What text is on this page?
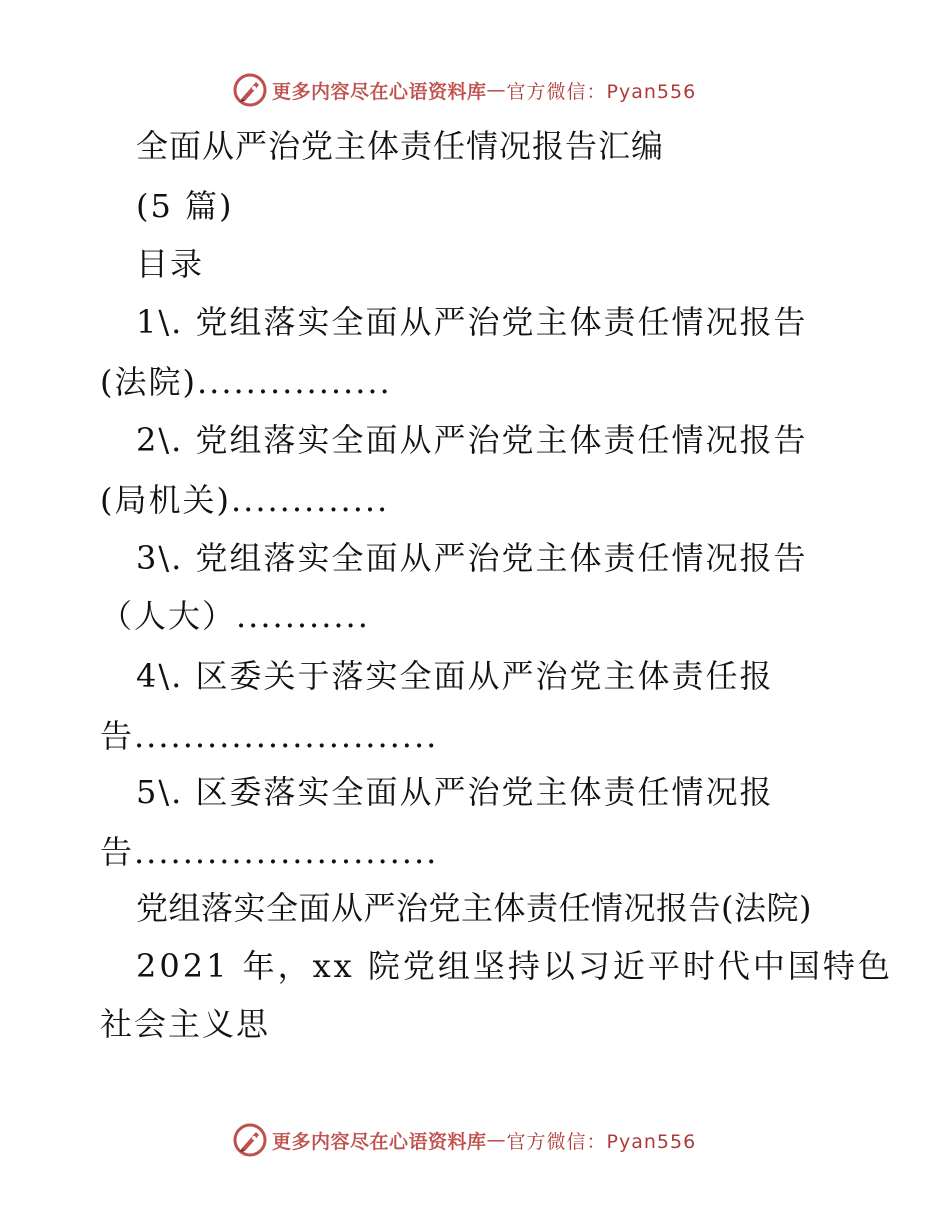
更多内容尽在心语资料库 — 官方微信：Pyan556
全面从严治党主体责任情况报告汇编
(5 篇)
目录
1\. 党组落实全面从严治党主体责任情况报告
(法院)................
2\. 党组落实全面从严治党主体责任情况报告
(局机关).............
3\. 党组落实全面从严治党主体责任情况报告
（人大）...........
4\. 区委关于落实全面从严治党主体责任报
告.........................
5\. 区委落实全面从严治党主体责任情况报
告.........................
党组落实全面从严治党主体责任情况报告(法院)
2021 年，xx 院党组坚持以习近平时代中国特色
社会主义思
更多内容尽在心语资料库 — 官方微信：Pyan556
